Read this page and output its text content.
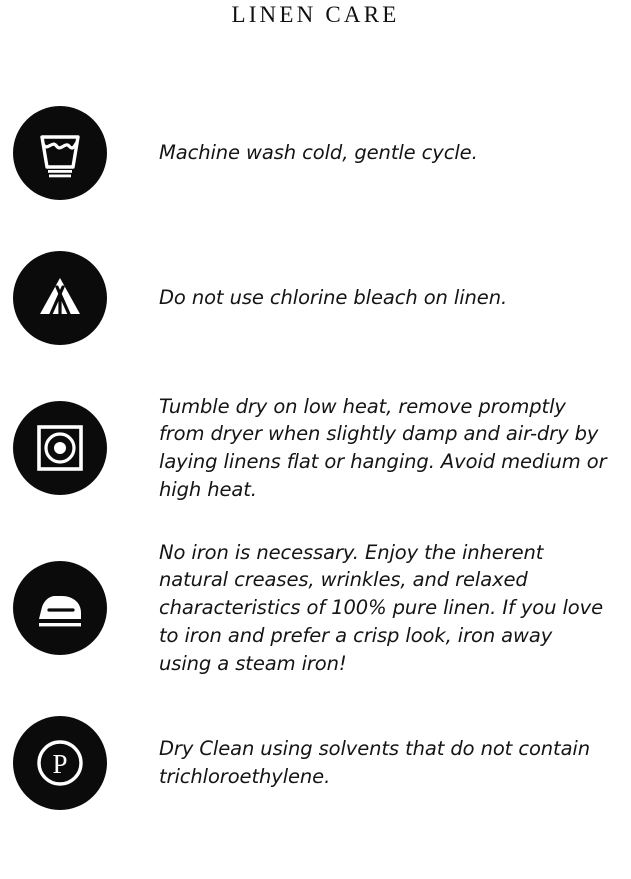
LINEN CARE
Machine wash cold, gentle cycle.
Do not use chlorine bleach on linen.
Tumble dry on low heat, remove promptly from dryer when slightly damp and air-dry by laying linens flat or hanging. Avoid medium or high heat.
No iron is necessary. Enjoy the inherent natural creases, wrinkles, and relaxed characteristics of 100% pure linen. If you love to iron and prefer a crisp look, iron away using a steam iron!
P
Dry Clean using solvents that do not contain trichloroethylene.
